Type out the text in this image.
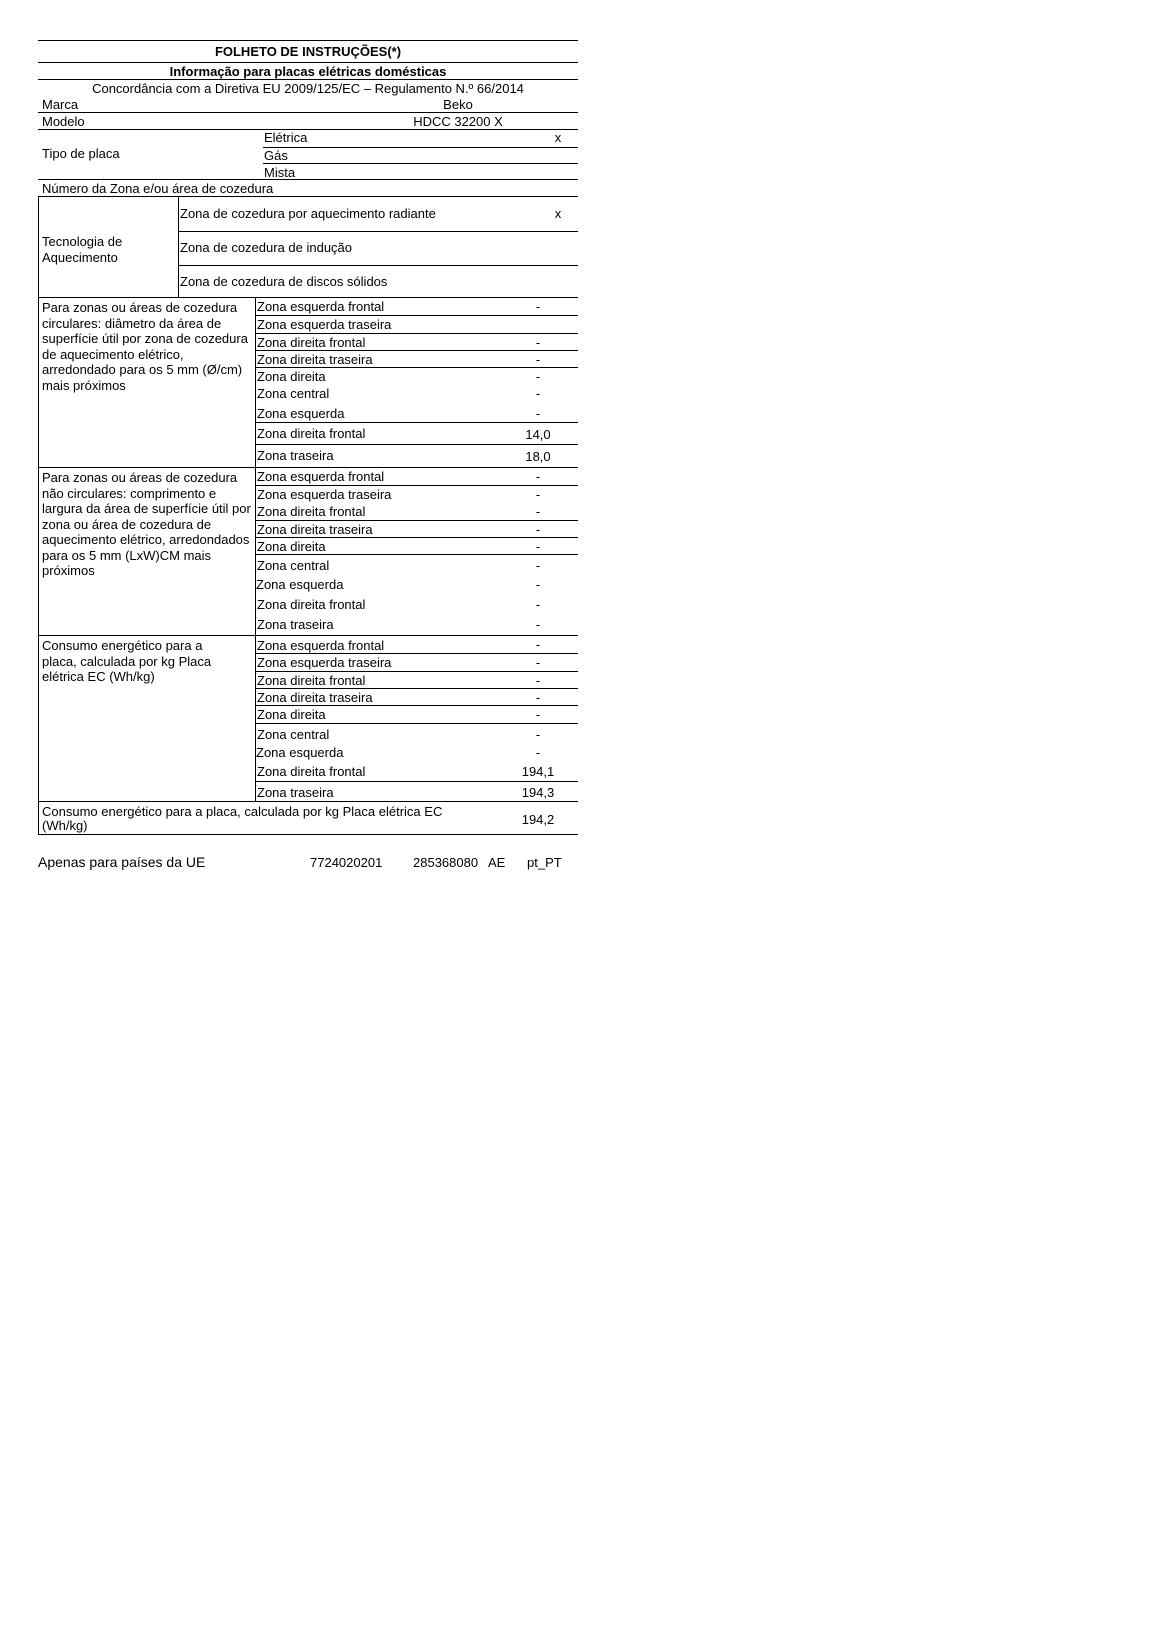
FOLHETO DE INSTRUÇÕES(*)
Informação para placas elétricas domésticas
Concordância com a Diretiva EU 2009/125/EC – Regulamento N.º 66/2014
Marca	Beko
Modelo	HDCC 32200 X
Tipo de placa
Elétrica	x
Gás
Mista
Número da Zona e/ou área de cozedura
Tecnologia de Aquecimento
Zona de cozedura por aquecimento radiante	x
Zona de cozedura de indução
Zona de cozedura de discos sólidos
Para zonas ou áreas de cozedura circulares: diâmetro da área de superfície útil por zona de cozedura de aquecimento elétrico, arredondado para os 5 mm (Ø/cm) mais próximos
Zona esquerda frontal	-
Zona esquerda traseira
Zona direita frontal	-
Zona direita traseira	-
Zona direita	-
Zona central	-
Zona esquerda	-
Zona direita frontal	14,0
Zona traseira	18,0
Para zonas ou áreas de cozedura não circulares: comprimento e largura da área de superfície útil por zona ou área de cozedura de aquecimento elétrico, arredondados para os 5 mm (LxW)CM mais próximos
Zona esquerda frontal	-
Zona esquerda traseira	-
Zona direita frontal	-
Zona direita traseira	-
Zona direita	-
Zona central	-
Zona esquerda	-
Zona direita frontal	-
Zona traseira	-
Consumo energético para a placa, calculada por kg Placa elétrica EC (Wh/kg)
Zona esquerda frontal	-
Zona esquerda traseira	-
Zona direita frontal	-
Zona direita traseira	-
Zona direita	-
Zona central	-
Zona esquerda	-
Zona direita frontal	194,1
Zona traseira	194,3
Consumo energético para a placa, calculada por kg Placa elétrica EC (Wh/kg)	194,2
Apenas para países da UE	7724020201 285368080 AE pt_PT
